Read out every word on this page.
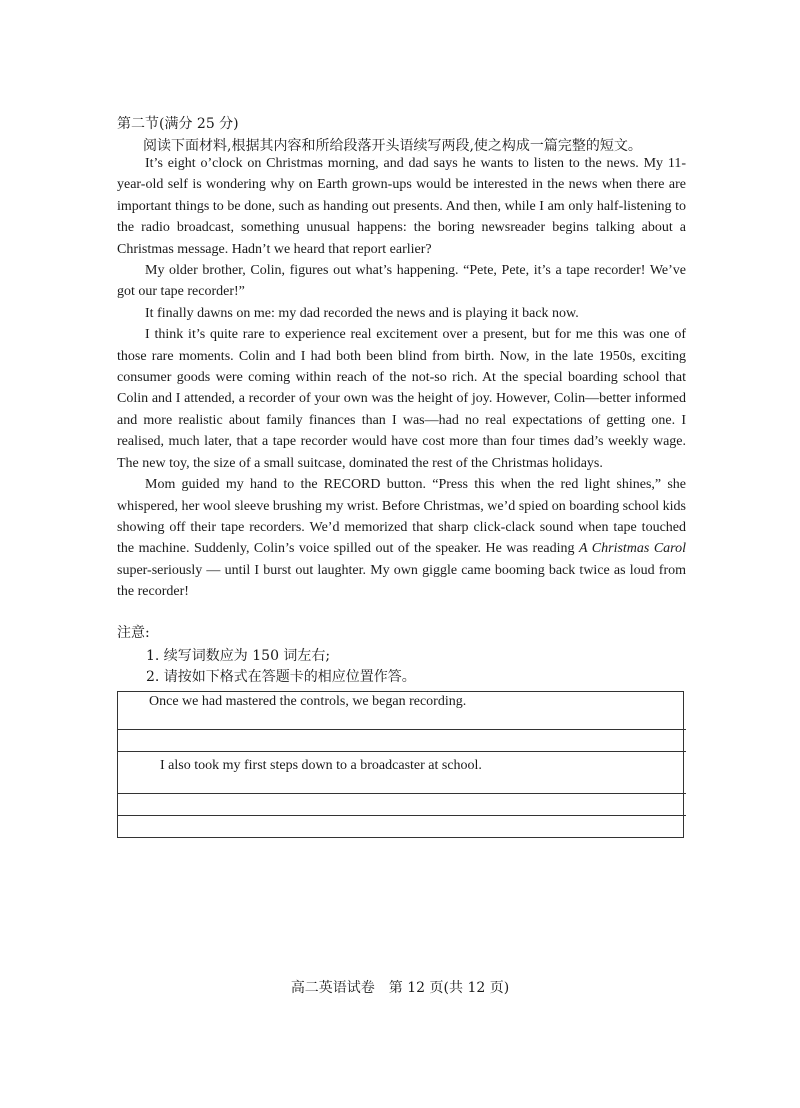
第二节(满分 25 分)
阅读下面材料,根据其内容和所给段落开头语续写两段,使之构成一篇完整的短文。

It’s eight o’clock on Christmas morning, and dad says he wants to listen to the news. My 11-year-old self is wondering why on Earth grown-ups would be interested in the news when there are important things to be done, such as handing out presents. And then, while I am only half-listening to the radio broadcast, something unusual happens: the boring newsreader begins talking about a Christmas message. Hadn’t we heard that report earlier?

My older brother, Colin, figures out what’s happening. “Pete, Pete, it’s a tape recorder! We’ve got our tape recorder!”

It finally dawns on me: my dad recorded the news and is playing it back now.

I think it’s quite rare to experience real excitement over a present, but for me this was one of those rare moments. Colin and I had both been blind from birth. Now, in the late 1950s, exciting consumer goods were coming within reach of the not-so rich. At the special boarding school that Colin and I attended, a recorder of your own was the height of joy. However, Colin—better informed and more realistic about family finances than I was—had no real expectations of getting one. I realised, much later, that a tape recorder would have cost more than four times dad’s weekly wage. The new toy, the size of a small suitcase, dominated the rest of the Christmas holidays.

Mom guided my hand to the RECORD button. “Press this when the red light shines,” she whispered, her wool sleeve brushing my wrist. Before Christmas, we’d spied on boarding school kids showing off their tape recorders. We’d memorized that sharp click-clack sound when tape touched the machine. Suddenly, Colin’s voice spilled out of the speaker. He was reading A Christmas Carol super-seriously — until I burst out laughter. My own giggle came booming back twice as loud from the recorder!

注意:
1. 续写词数应为 150 词左右;
2. 请按如下格式在答题卡的相应位置作答。
Once we had mastered the controls, we began recording.
I also took my first steps down to a broadcaster at school.
高二英语试卷　第 12 页(共 12 页)
